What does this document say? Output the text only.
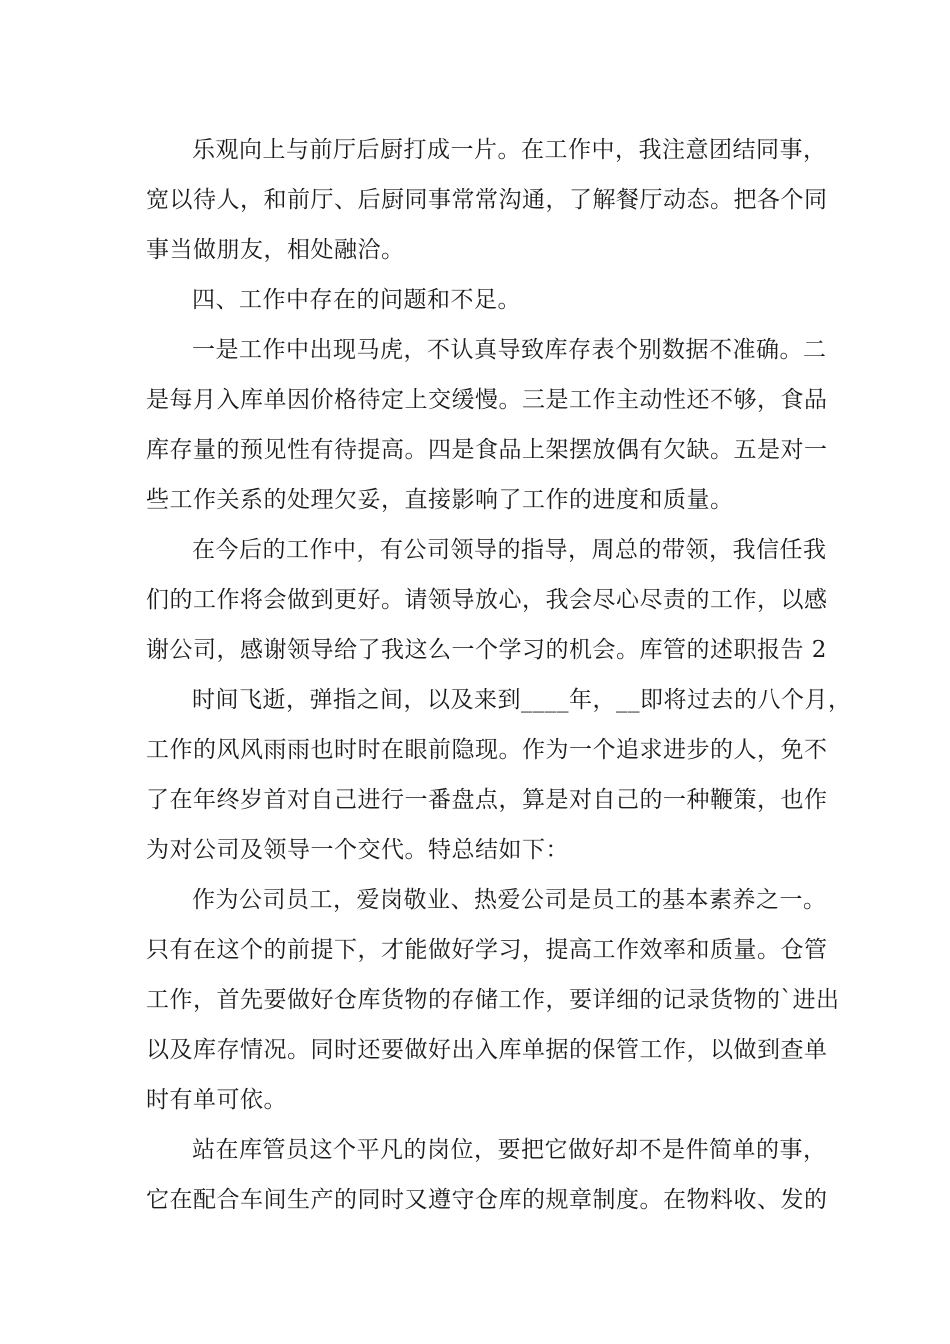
乐观向上与前厅后厨打成一片。在工作中，我注意团结同事，

宽以待人，和前厅、后厨同事常常沟通，了解餐厅动态。把各个同

事当做朋友，相处融洽。

四、工作中存在的问题和不足。

一是工作中出现马虎，不认真导致库存表个别数据不准确。二

是每月入库单因价格待定上交缓慢。三是工作主动性还不够，食品

库存量的预见性有待提高。四是食品上架摆放偶有欠缺。五是对一

些工作关系的处理欠妥，直接影响了工作的进度和质量。

在今后的工作中，有公司领导的指导，周总的带领，我信任我

们的工作将会做到更好。请领导放心，我会尽心尽责的工作，以感

谢公司，感谢领导给了我这么一个学习的机会。库管的述职报告 2

时间飞逝，弹指之间，以及来到____年，__即将过去的八个月，

工作的风风雨雨也时时在眼前隐现。作为一个追求进步的人，免不

了在年终岁首对自己进行一番盘点，算是对自己的一种鞭策，也作

为对公司及领导一个交代。特总结如下：

作为公司员工，爱岗敬业、热爱公司是员工的基本素养之一。

只有在这个的前提下，才能做好学习，提高工作效率和质量。仓管

工作，首先要做好仓库货物的存储工作，要详细的记录货物的`进出

以及库存情况。同时还要做好出入库单据的保管工作，以做到查单

时有单可依。

站在库管员这个平凡的岗位，要把它做好却不是件简单的事，

它在配合车间生产的同时又遵守仓库的规章制度。在物料收、发的
